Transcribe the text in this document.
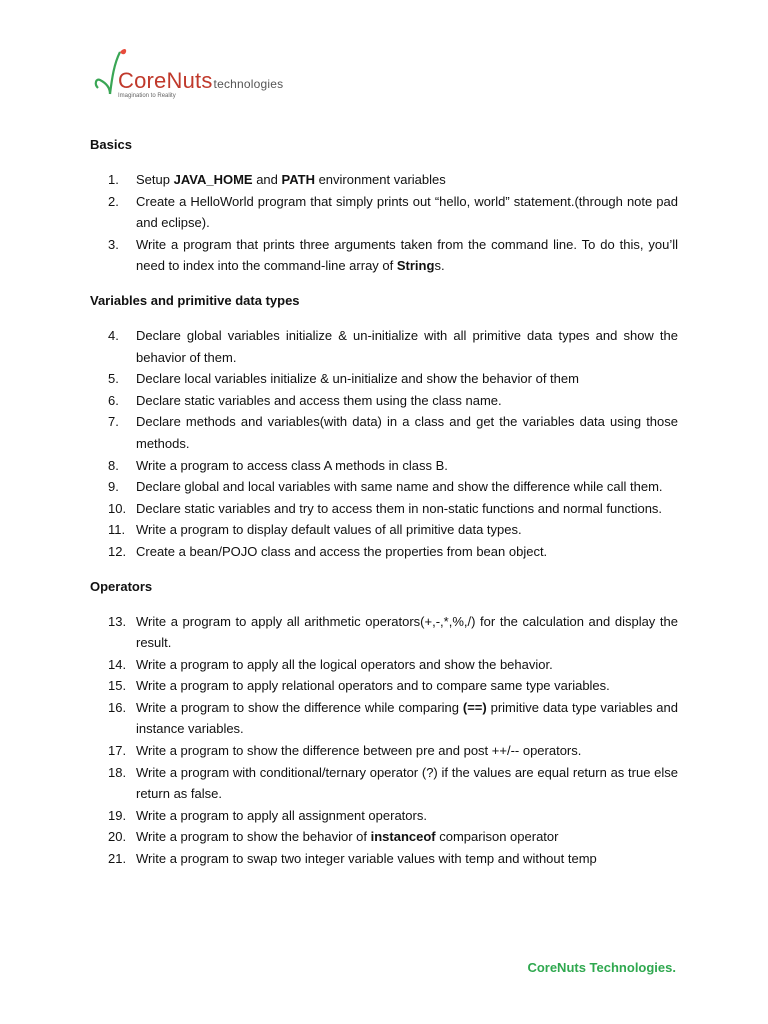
CoreNutstechnologies
Imagination to Reality
Basics
1.	Setup JAVA_HOME and PATH environment variables
2.	Create a HelloWorld program that simply prints out “hello, world” statement.(through note pad and eclipse).
3.	Write a program that prints three arguments taken from the command line. To do this, you’ll need to index into the command-line array of Strings.
Variables and primitive data types
4.	Declare global variables initialize & un-initialize with all primitive data types and show the behavior of them.
5.	Declare local variables initialize & un-initialize and show the behavior of them
6.	Declare static variables and access them using the class name.
7.	Declare methods and variables(with data) in a class and get the variables data using those methods.
8.	Write a program to access class A methods in class B.
9.	Declare global and local variables with same name and show the difference while call them.
10. Declare static variables and try to access them in non-static functions and normal functions.
11. Write a program to display default values of all primitive data types.
12. Create a bean/POJO class and access the properties from bean object.
Operators
13. Write a program to apply all arithmetic operators(+,-,*,%,/) for the calculation and display the result.
14. Write a program to apply all the logical operators and show the behavior.
15. Write a program to apply relational operators and to compare same type variables.
16. Write a program to show the difference while comparing (==) primitive data type variables and instance variables.
17. Write a program to show the difference between pre and post ++/-- operators.
18. Write a program with conditional/ternary operator (?) if the values are equal return as true else return as false.
19. Write a program to apply all assignment operators.
20. Write a program to show the behavior of instanceof comparison operator
21. Write a program to swap two integer variable values with temp and without temp
CoreNuts Technologies.
